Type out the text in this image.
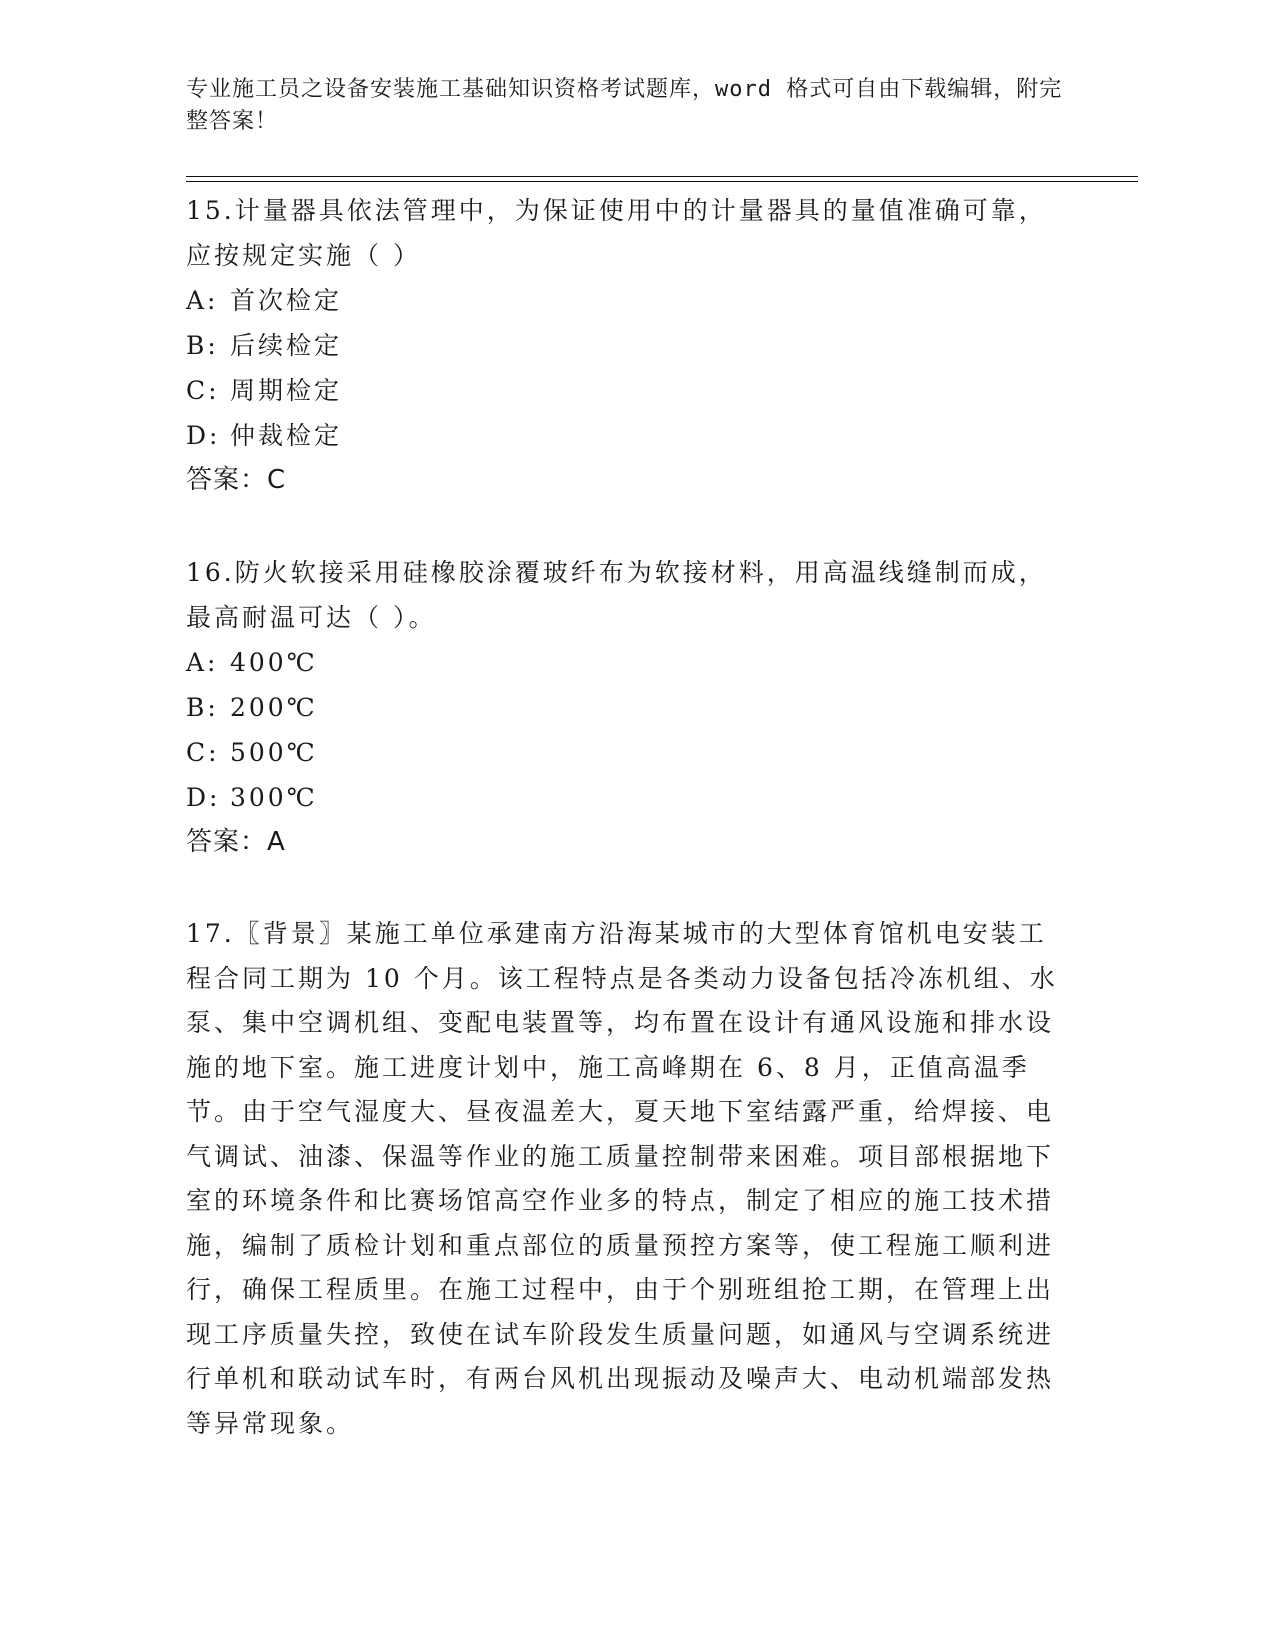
专业施工员之设备安装施工基础知识资格考试题库，word 格式可自由下载编辑，附完整答案！
15.计量器具依法管理中，为保证使用中的计量器具的量值准确可靠，应按规定实施（ ）
A: 首次检定
B: 后续检定
C: 周期检定
D: 仲裁检定
答案：C
16.防火软接采用硅橡胶涂覆玻纤布为软接材料，用高温线缝制而成，最高耐温可达（ ）。
A: 400℃
B: 200℃
C: 500℃
D: 300℃
答案：A
17.〖背景〗某施工单位承建南方沿海某城市的大型体育馆机电安装工程合同工期为 10 个月。该工程特点是各类动力设备包括冷冻机组、水泵、集中空调机组、变配电装置等，均布置在设计有通风设施和排水设施的地下室。施工进度计划中，施工高峰期在 6、8 月，正值高温季节。由于空气湿度大、昼夜温差大，夏天地下室结露严重，给焊接、电气调试、油漆、保温等作业的施工质量控制带来困难。项目部根据地下室的环境条件和比赛场馆高空作业多的特点，制定了相应的施工技术措施，编制了质检计划和重点部位的质量预控方案等，使工程施工顺利进行，确保工程质里。在施工过程中，由于个别班组抢工期，在管理上出现工序质量失控，致使在试车阶段发生质量问题，如通风与空调系统进行单机和联动试车时，有两台风机出现振动及噪声大、电动机端部发热等异常现象。
